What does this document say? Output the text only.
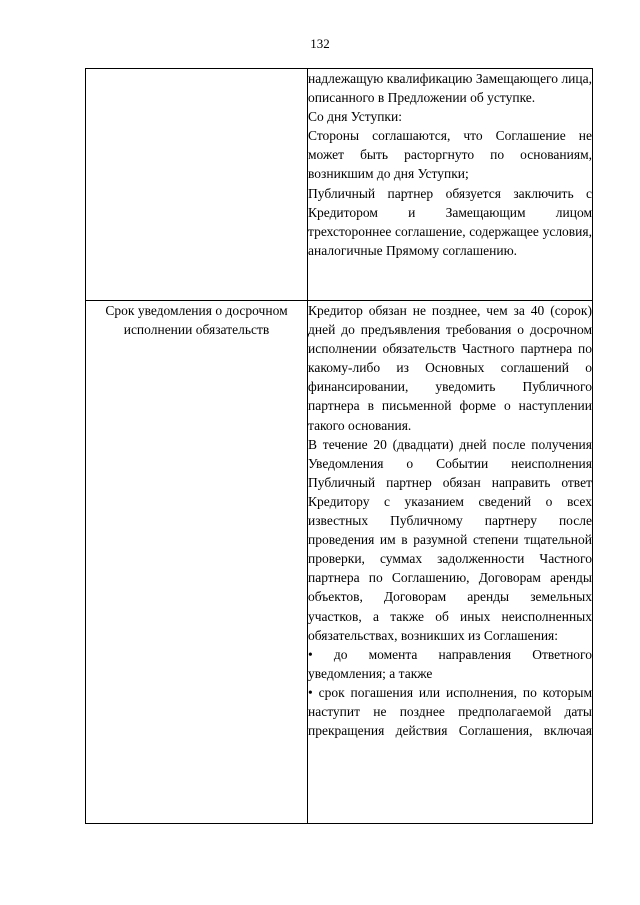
132

	надлежащую квалификацию Замещающего лица, описанного в Предложении об уступке.

Со дня Уступки:

Стороны соглашаются, что Соглашение не может быть расторгнуто по основаниям, возникшим до дня Уступки;

Публичный партнер обязуется заключить с Кредитором и Замещающим лицом трехстороннее соглашение, содержащее условия, аналогичные Прямому соглашению.

Срок уведомления о досрочном исполнении обязательств	Кредитор обязан не позднее, чем за 40 (сорок) дней до предъявления требования о досрочном исполнении обязательств Частного партнера по какому-либо из Основных соглашений о финансировании, уведомить Публичного партнера в письменной форме о наступлении такого основания.

В течение 20 (двадцати) дней после получения Уведомления о Событии неисполнения Публичный партнер обязан направить ответ Кредитору с указанием сведений о всех известных Публичному партнеру после проведения им в разумной степени тщательной проверки, суммах задолженности Частного партнера по Соглашению, Договорам аренды объектов, Договорам аренды земельных участков, а также об иных неисполненных обязательствах, возникших из Соглашения:

• до момента направления Ответного уведомления; а также

• срок погашения или исполнения, по которым наступит не позднее предполагаемой даты прекращения действия Соглашения, включая
